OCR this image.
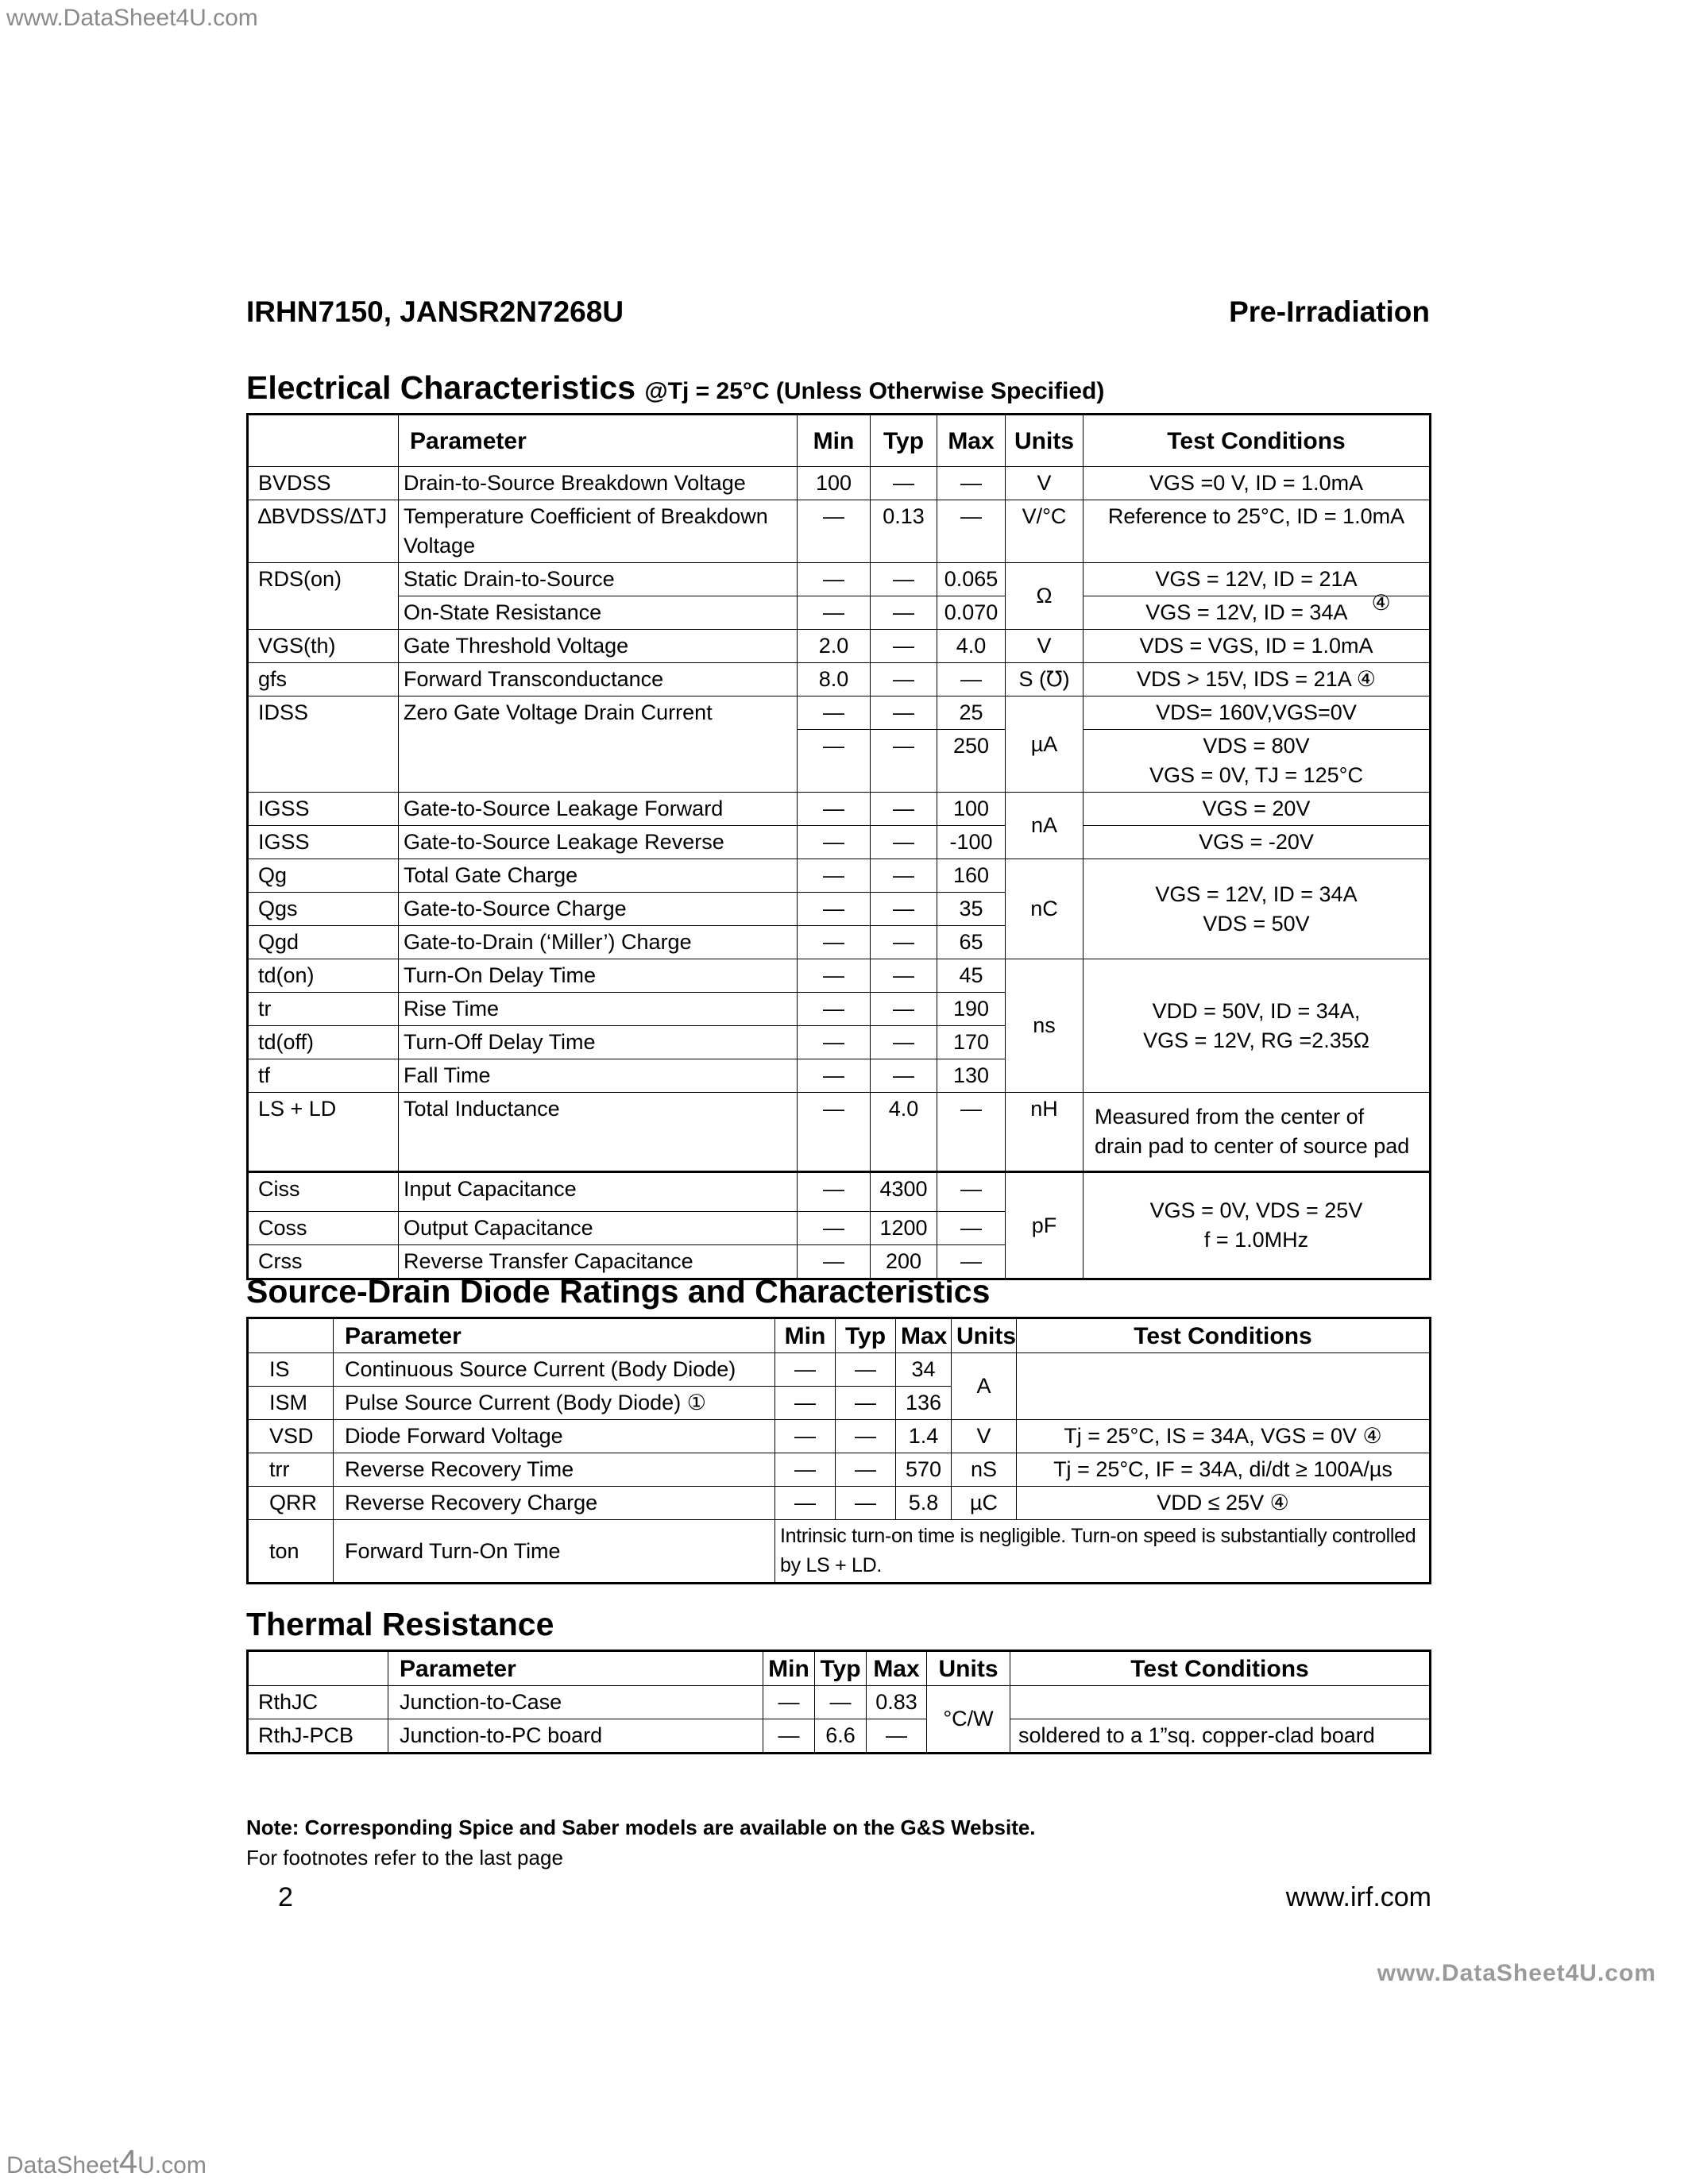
www.DataSheet4U.com
IRHN7150, JANSR2N7268U	Pre-Irradiation
Electrical Characteristics @Tj = 25°C (Unless Otherwise Specified)
	Parameter	Min	Typ	Max	Units	Test Conditions
BVDSS	Drain-to-Source Breakdown Voltage	100	—	—	V	VGS =0 V, ID = 1.0mA
∆BVDSS/∆TJ	Temperature Coefficient of Breakdown Voltage	—	0.13	—	V/°C	Reference to 25°C, ID = 1.0mA
RDS(on)	Static Drain-to-Source	—	—	0.065	Ω	VGS = 12V, ID = 21A
	On-State Resistance	—	—	0.070		VGS = 12V, ID = 34A ④
VGS(th)	Gate Threshold Voltage	2.0	—	4.0	V	VDS = VGS, ID = 1.0mA
gfs	Forward Transconductance	8.0	—	—	S (℧)	VDS > 15V, IDS = 21A ④
IDSS	Zero Gate Voltage Drain Current	—	—	25	µA	VDS= 160V,VGS=0V
		—	—	250		VDS = 80V
VGS = 0V, TJ = 125°C

IGSS	Gate-to-Source Leakage Forward	—	—	100	nA	VGS = 20V
IGSS	Gate-to-Source Leakage Reverse	—	—	-100		VGS = -20V
Qg	Total Gate Charge	—	—	160	nC	VGS = 12V, ID = 34A
VDS = 50V

Qgs	Gate-to-Source Charge	—	—	35		
Qgd	Gate-to-Drain (‘Miller’) Charge	—	—	65		
td(on)	Turn-On Delay Time	—	—	45	ns	VDD = 50V, ID = 34A,
VGS = 12V, RG =2.35Ω

tr	Rise Time	—	—	190		
td(off)	Turn-Off Delay Time	—	—	170		
tf	Fall Time	—	—	130		
LS + LD	Total Inductance	—	4.0	—	nH	Measured from the center of
drain pad to center of source pad

Ciss	Input Capacitance	—	4300	—	pF	VGS = 0V, VDS = 25V
f = 1.0MHz

Coss	Output Capacitance	—	1200	—		
Crss	Reverse Transfer Capacitance	—	200	—		
Source-Drain Diode Ratings and Characteristics
	Parameter	Min	Typ	Max	Units	Test Conditions
IS	Continuous Source Current (Body Diode)	—	—	34	A	
ISM	Pulse Source Current (Body Diode) ①	—	—	136		
VSD	Diode Forward Voltage	—	—	1.4	V	Tj = 25°C, IS = 34A, VGS = 0V ④
trr	Reverse Recovery Time	—	—	570	nS	Tj = 25°C, IF = 34A, di/dt ≥ 100A/µs
QRR	Reverse Recovery Charge	—	—	5.8	µC	VDD ≤ 25V ④
ton	Forward Turn-On Time	Intrinsic turn-on time is negligible. Turn-on speed is substantially controlled by LS + LD.				
Thermal Resistance
	Parameter	Min	Typ	Max	Units	Test Conditions
RthJC	Junction-to-Case	—	—	0.83	°C/W	
RthJ-PCB	Junction-to-PC board	—	6.6	—		soldered to a 1”sq. copper-clad board
Note: Corresponding Spice and Saber models are available on the G&S Website.
For footnotes refer to the last page
2	www.irf.com
www.DataSheet4U.com
DataSheet4U.com
